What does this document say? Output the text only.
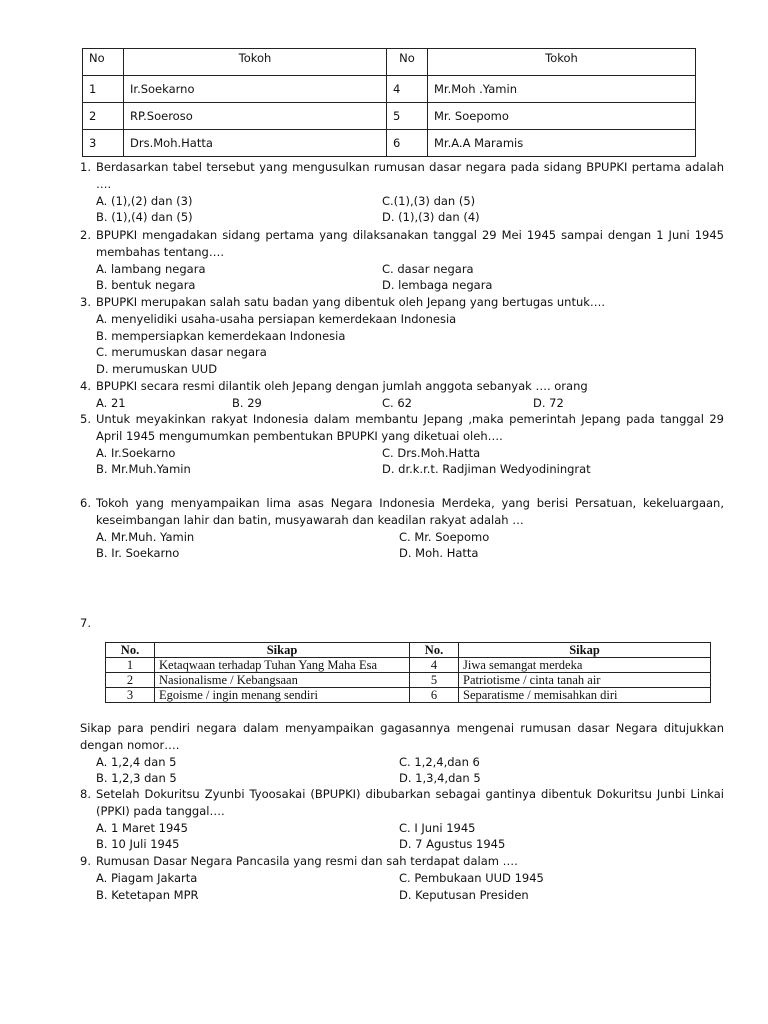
No	Tokoh	No	Tokoh
1	Ir.Soekarno	4	Mr.Moh .Yamin
2	RP.Soeroso	5	Mr. Soepomo
3	Drs.Moh.Hatta	6	Mr.A.A Maramis
1. Berdasarkan tabel tersebut yang mengusulkan rumusan dasar negara pada sidang BPUPKI pertama adalah ….
A. (1),(2) dan (3)	C.(1),(3) dan (5)
B. (1),(4) dan (5)	D. (1),(3) dan (4)
2. BPUPKI mengadakan sidang pertama yang dilaksanakan tanggal 29 Mei 1945 sampai dengan 1 Juni 1945 membahas tentang….
A. lambang negara	C. dasar negara
B. bentuk negara	D. lembaga negara
3. BPUPKI merupakan salah satu badan yang dibentuk oleh Jepang yang bertugas untuk….
A. menyelidiki usaha-usaha persiapan kemerdekaan Indonesia
B. mempersiapkan kemerdekaan Indonesia
C. merumuskan dasar negara
D. merumuskan UUD
4. BPUPKI secara resmi dilantik oleh Jepang dengan jumlah anggota sebanyak …. orang
A. 21	B. 29	C. 62	D. 72
5. Untuk meyakinkan rakyat Indonesia dalam membantu Jepang ,maka pemerintah Jepang pada tanggal 29 April 1945 mengumumkan pembentukan BPUPKI yang diketuai oleh….
A. Ir.Soekarno	C. Drs.Moh.Hatta
B. Mr.Muh.Yamin	D. dr.k.r.t. Radjiman Wedyodiningrat
6. Tokoh yang menyampaikan lima asas Negara Indonesia Merdeka, yang berisi Persatuan, kekeluargaan, keseimbangan lahir dan batin, musyawarah dan keadilan rakyat adalah …
A. Mr.Muh. Yamin	C. Mr. Soepomo
B. Ir. Soekarno	D. Moh. Hatta
7.
No.	Sikap	No.	Sikap
1	Ketaqwaan terhadap Tuhan Yang Maha Esa	4	Jiwa semangat merdeka
2	Nasionalisme / Kebangsaan	5	Patriotisme / cinta tanah air
3	Egoisme / ingin menang sendiri	6	Separatisme / memisahkan diri
Sikap para pendiri negara dalam menyampaikan gagasannya mengenai rumusan dasar Negara ditujukkan dengan nomor….
A. 1,2,4 dan 5	C. 1,2,4,dan 6
B. 1,2,3 dan 5	D. 1,3,4,dan 5
8. Setelah Dokuritsu Zyunbi Tyoosakai (BPUPKI) dibubarkan sebagai gantinya dibentuk Dokuritsu Junbi Linkai (PPKI) pada tanggal….
A. 1 Maret 1945	C. I Juni 1945
B. 10 Juli 1945	D. 7 Agustus 1945
9. Rumusan Dasar Negara Pancasila yang resmi dan sah terdapat dalam ….
A. Piagam Jakarta	C. Pembukaan UUD 1945
B. Ketetapan MPR	D. Keputusan Presiden
